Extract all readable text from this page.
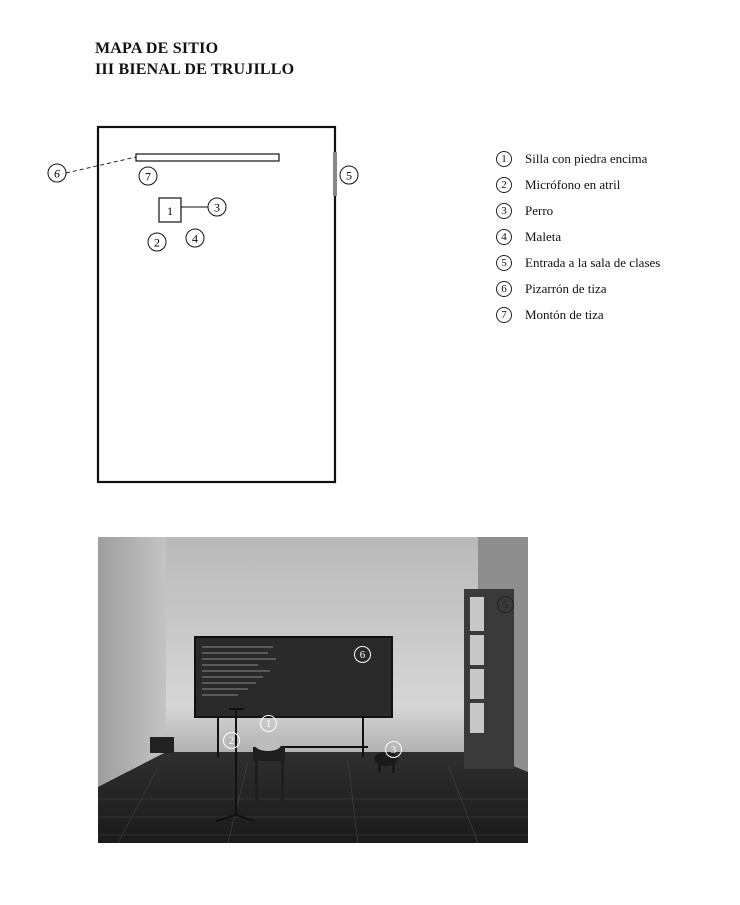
MAPA DE SITIO
III BIENAL DE TRUJILLO
6	7	5
1	3
4
2
1	Silla con piedra encima
2	Micrófono en atril
3	Perro
4	Maleta
5	Entrada a la sala de clases
6	Pizarrón de tiza
7	Montón de tiza
1
2
3
5
6
